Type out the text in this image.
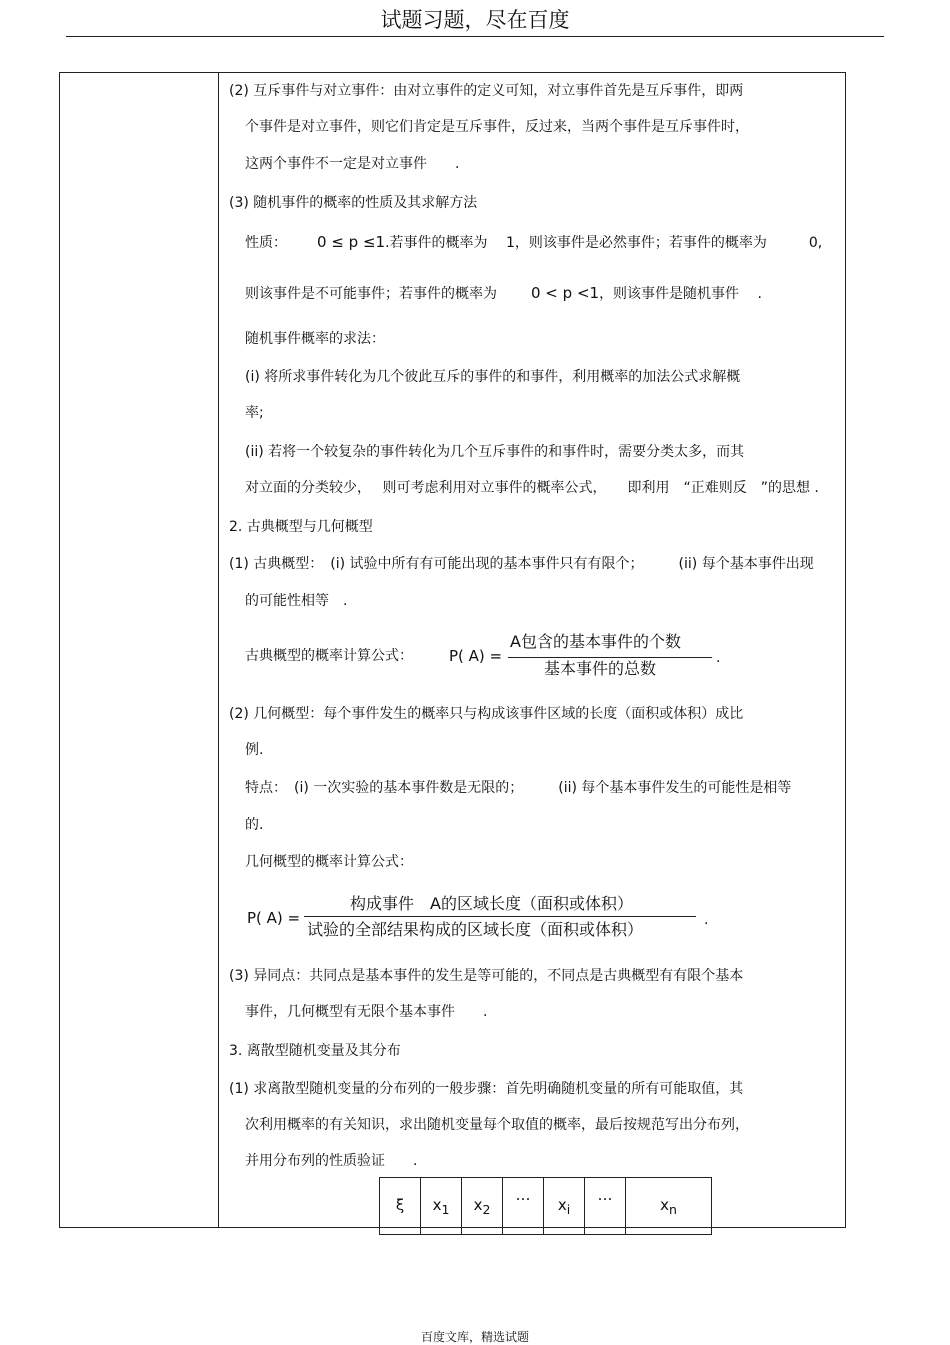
试题习题，尽在百度
(2) 互斥事件与对立事件：由对立事件的定义可知，对立事件首先是互斥事件，即两
个事件是对立事件，则它们肯定是互斥事件，反过来，当两个事件是互斥事件时，
这两个事件不一定是对立事件　　.
(3) 随机事件的概率的性质及其求解方法
性质： 0 ≤ p ≤1.若事件的概率为　 1，则该事件是必然事件；若事件的概率为　　　0,
则该事件是不可能事件；若事件的概率为 0 < p <1，则该事件是随机事件　 .
随机事件概率的求法：
(i) 将所求事件转化为几个彼此互斥的事件的和事件，利用概率的加法公式求解概
率;
(ii) 若将一个较复杂的事件转化为几个互斥事件的和事件时，需要分类太多，而其
对立面的分类较少，　 则可考虑利用对立事件的概率公式，　　即利用　“正难则反　”的思想 .
2. 古典概型与几何概型
(1) 古典概型：　(i) 试验中所有有可能出现的基本事件只有有限个；　　　(ii) 每个基本事件出现
的可能性相等　.
古典概型的概率计算公式： P( A) =
A包含的基本事件的个数
基本事件的总数
.
(2) 几何概型：每个事件发生的概率只与构成该事件区域的长度（面积或体积）成比
例.
特点：　(i) 一次实验的基本事件数是无限的；　　　(ii) 每个基本事件发生的可能性是相等
的.
几何概型的概率计算公式：
P( A) =
构成事件　A的区域长度（面积或体积）
试验的全部结果构成的区域长度（面积或体积）	.
(3) 异同点：共同点是基本事件的发生是等可能的，不同点是古典概型有有限个基本
事件，几何概型有无限个基本事件　　.
3. 离散型随机变量及其分布
(1) 求离散型随机变量的分布列的一般步骤：首先明确随机变量的所有可能取值，其
次利用概率的有关知识，求出随机变量每个取值的概率，最后按规范写出分布列，
并用分布列的性质验证　　.
ξ	$x_1$	$x_2$	…	$x_i$	…	$x_n$
百度文库，精选试题
